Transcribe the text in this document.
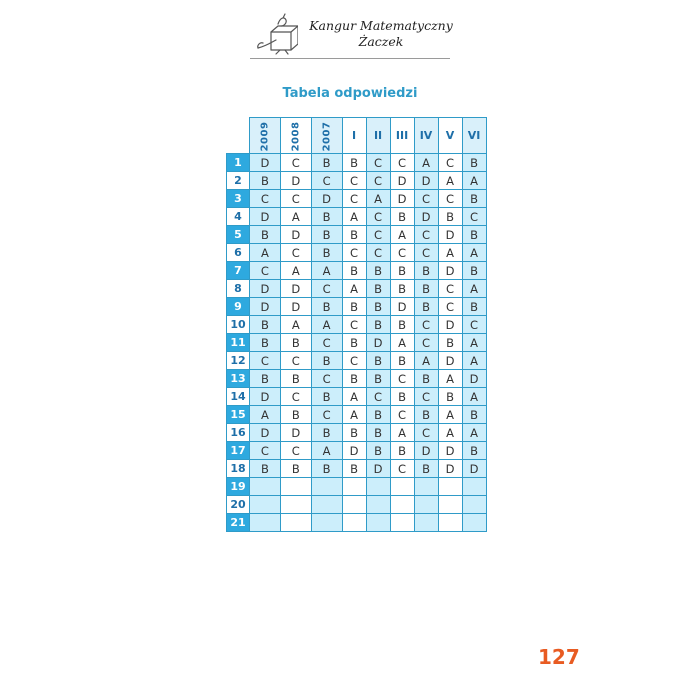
Kangur Matematyczny
Żaczek
Tabela odpowiedzi
	2009	2008	2007	I	II	III	IV	V	VI
1	D	C	B	B	C	C	A	C	B
2	B	D	C	C	C	D	D	A	A
3	C	C	D	C	A	D	C	C	B
4	D	A	B	A	C	B	D	B	C
5	B	D	B	B	C	A	C	D	B
6	A	C	B	C	C	C	C	A	A
7	C	A	A	B	B	B	B	D	B
8	D	D	C	A	B	B	B	C	A
9	D	D	B	B	B	D	B	C	B
10	B	A	A	C	B	B	C	D	C
11	B	B	C	B	D	A	C	B	A
12	C	C	B	C	B	B	A	D	A
13	B	B	C	B	B	C	B	A	D
14	D	C	B	A	C	B	C	B	A
15	A	B	C	A	B	C	B	A	B
16	D	D	B	B	B	A	C	A	A
17	C	C	A	D	B	B	D	D	B
18	B	B	B	B	D	C	B	D	D
19									
20									
21									
127
